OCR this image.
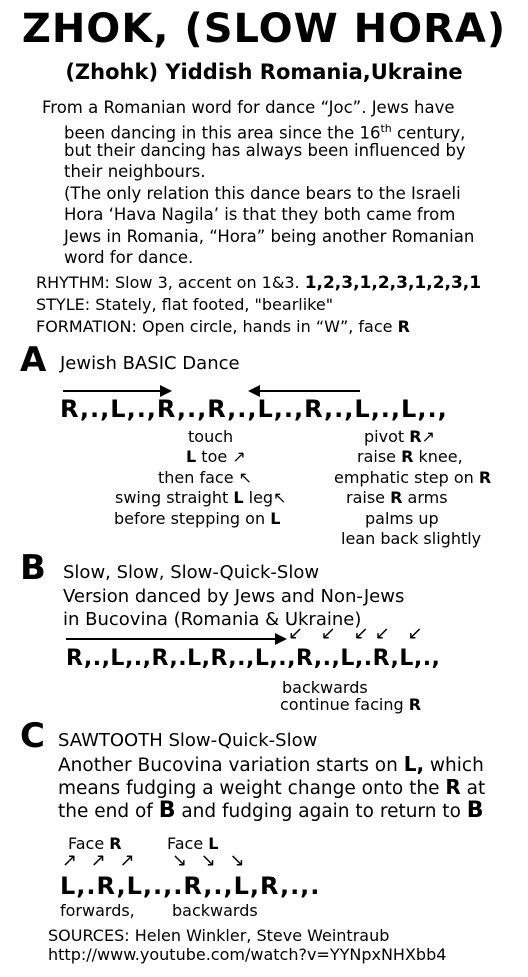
ZHOK, (SLOW HORA)
(Zhohk) Yiddish Romania,Ukraine
From a Romanian word for dance “Joc”. Jews have
been dancing in this area since the 16th century,
but their dancing has always been influenced by
their neighbours.
(The only relation this dance bears to the Israeli
Hora ‘Hava Nagila’ is that they both came from
Jews in Romania, “Hora” being another Romanian
word for dance.
RHYTHM: Slow 3, accent on 1&3. 1,2,3,1,2,3,1,2,3,1
STYLE: Stately, flat footed, "bearlike"
FORMATION: Open circle, hands in “W”, face R
A Jewish BASIC Dance
R,.,L,.,R,.,R,.,L,.,R,.,L,.,L,.,
touch
L toe ↗
then face ↖
swing straight L leg↖
before stepping on L
pivot R↗
raise R knee,
emphatic step on R
raise R arms
palms up
lean back slightly
B Slow, Slow, Slow-Quick-Slow
Version danced by Jews and Non-Jews
in Bucovina (Romania & Ukraine)
↙ ↙ ↙↙ ↙
R,.,L,.,R,.L,R,.,L,.,R,.,L,.R,L,.,
backwards
continue facing R
C SAWTOOTH Slow-Quick-Slow
Another Bucovina variation starts on L, which
means fudging a weight change onto the R at
the end of B and fudging again to return to B
Face R	Face L
↗ ↗ ↗ ↘ ↘ ↘
L,.R,L,.,.R,.,L,R,.,.
forwards, backwards
SOURCES: Helen Winkler, Steve Weintraub
http://www.youtube.com/watch?v=YYNpxNHXbb4
